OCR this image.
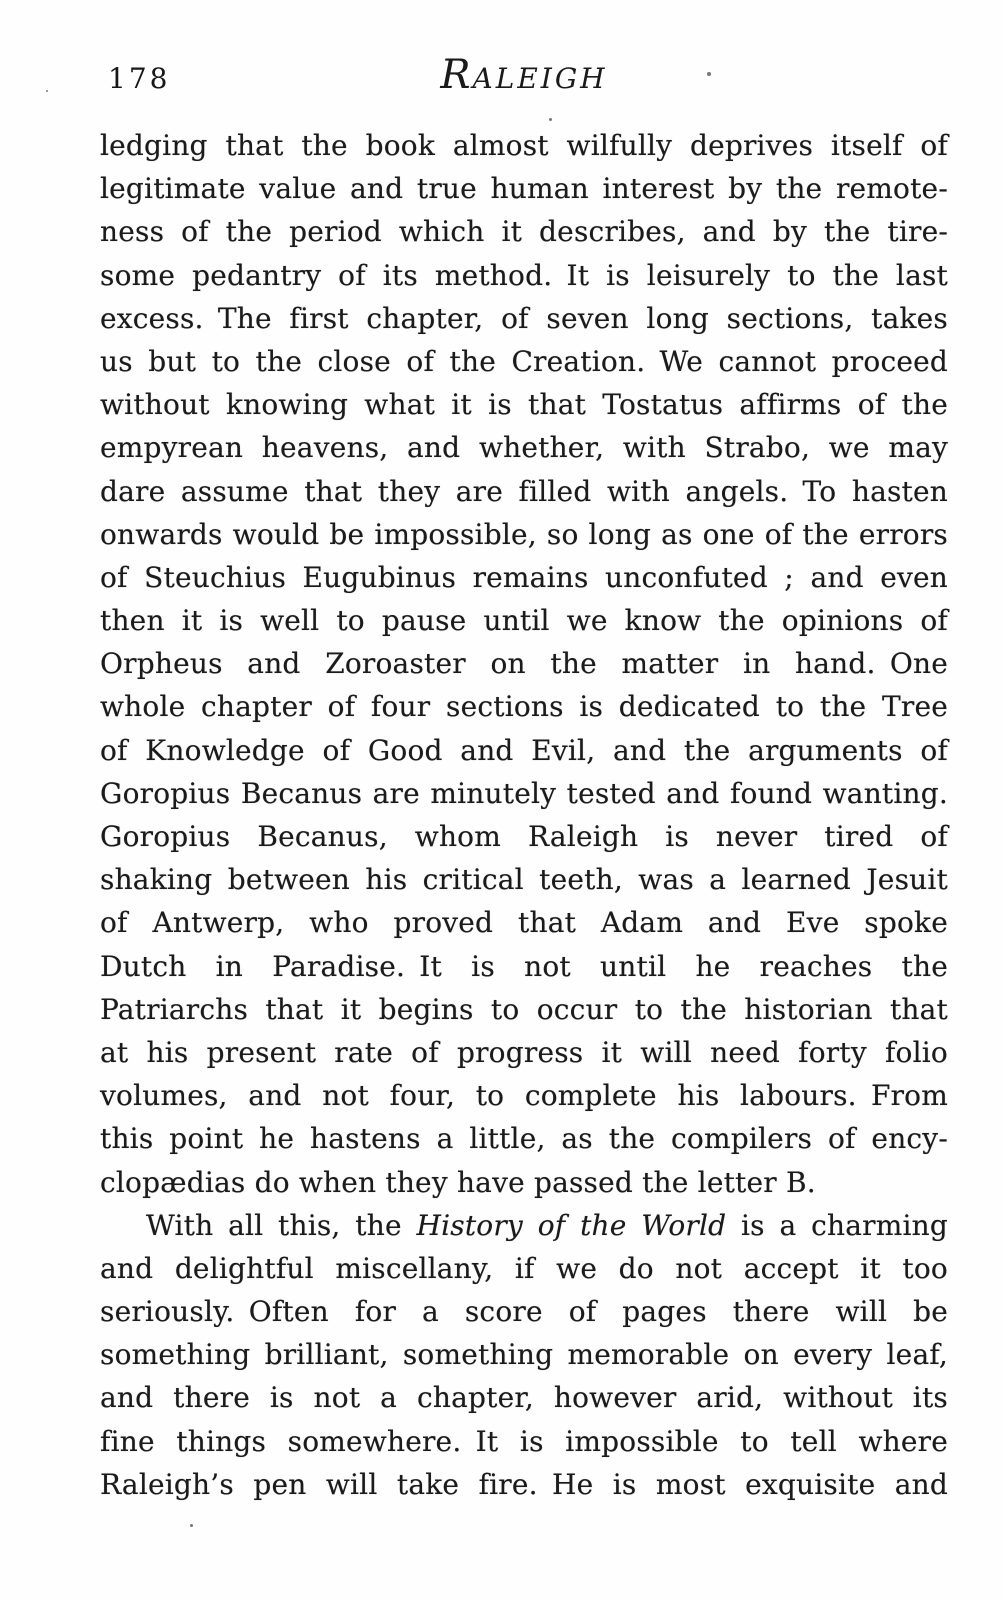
178	RALEIGH
ledging that the book almost wilfully deprives itself of
legitimate value and true human interest by the remote-
ness of the period which it describes, and by the tire-
some pedantry of its method. It is leisurely to the last
excess. The first chapter, of seven long sections, takes
us but to the close of the Creation. We cannot proceed
without knowing what it is that Tostatus affirms of the
empyrean heavens, and whether, with Strabo, we may
dare assume that they are filled with angels. To hasten
onwards would be impossible, so long as one of the errors
of Steuchius Eugubinus remains unconfuted ; and even
then it is well to pause until we know the opinions of
Orpheus and Zoroaster on the matter in hand. One
whole chapter of four sections is dedicated to the Tree
of Knowledge of Good and Evil, and the arguments of
Goropius Becanus are minutely tested and found wanting.
Goropius Becanus, whom Raleigh is never tired of
shaking between his critical teeth, was a learned Jesuit
of Antwerp, who proved that Adam and Eve spoke
Dutch in Paradise. It is not until he reaches the
Patriarchs that it begins to occur to the historian that
at his present rate of progress it will need forty folio
volumes, and not four, to complete his labours. From
this point he hastens a little, as the compilers of ency-
clopædias do when they have passed the letter B.
With all this, the History of the World is a charming
and delightful miscellany, if we do not accept it too
seriously. Often for a score of pages there will be
something brilliant, something memorable on every leaf,
and there is not a chapter, however arid, without its
fine things somewhere. It is impossible to tell where
Raleigh’s pen will take fire. He is most exquisite and
